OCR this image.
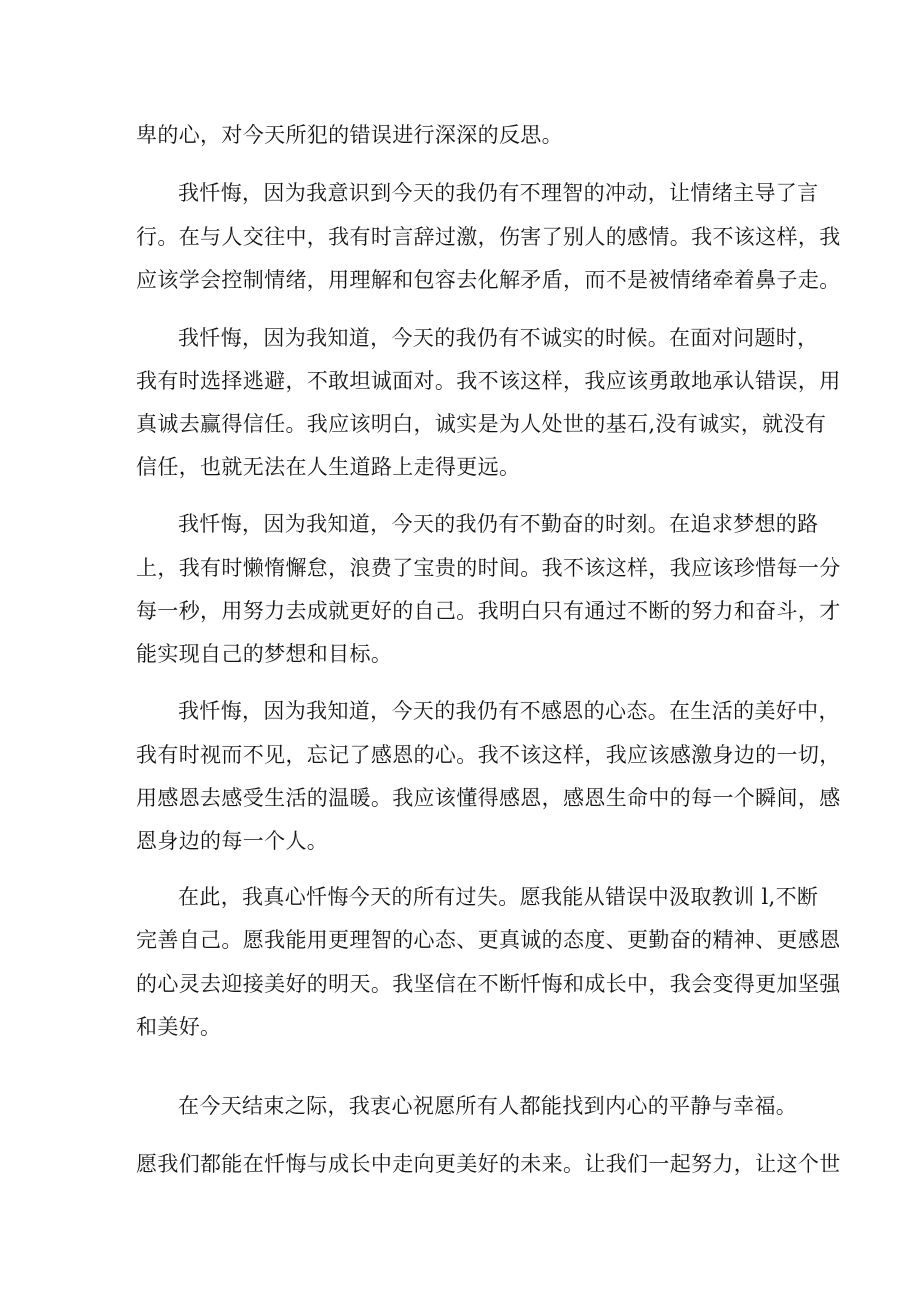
卑的心，对今天所犯的错误进行深深的反思。
我忏悔，因为我意识到今天的我仍有不理智的冲动，让情绪主导了言
行。在与人交往中，我有时言辞过激，伤害了别人的感情。我不该这样，我
应该学会控制情绪，用理解和包容去化解矛盾，而不是被情绪牵着鼻子走。
我忏悔，因为我知道，今天的我仍有不诚实的时候。在面对问题时，
我有时选择逃避，不敢坦诚面对。我不该这样，我应该勇敢地承认错误，用
真诚去赢得信任。我应该明白，诚实是为人处世的基石,没有诚实，就没有
信任，也就无法在人生道路上走得更远。
我忏悔，因为我知道，今天的我仍有不勤奋的时刻。在追求梦想的路
上，我有时懒惰懈怠，浪费了宝贵的时间。我不该这样，我应该珍惜每一分
每一秒，用努力去成就更好的自己。我明白只有通过不断的努力和奋斗，才
能实现自己的梦想和目标。
我忏悔，因为我知道，今天的我仍有不感恩的心态。在生活的美好中，
我有时视而不见，忘记了感恩的心。我不该这样，我应该感激身边的一切，
用感恩去感受生活的温暖。我应该懂得感恩，感恩生命中的每一个瞬间，感
恩身边的每一个人。
在此，我真心忏悔今天的所有过失。愿我能从错误中汲取教训 l,不断
完善自己。愿我能用更理智的心态、更真诚的态度、更勤奋的精神、更感恩
的心灵去迎接美好的明天。我坚信在不断忏悔和成长中，我会变得更加坚强
和美好。
在今天结束之际，我衷心祝愿所有人都能找到内心的平静与幸福。
愿我们都能在忏悔与成长中走向更美好的未来。让我们一起努力，让这个世
